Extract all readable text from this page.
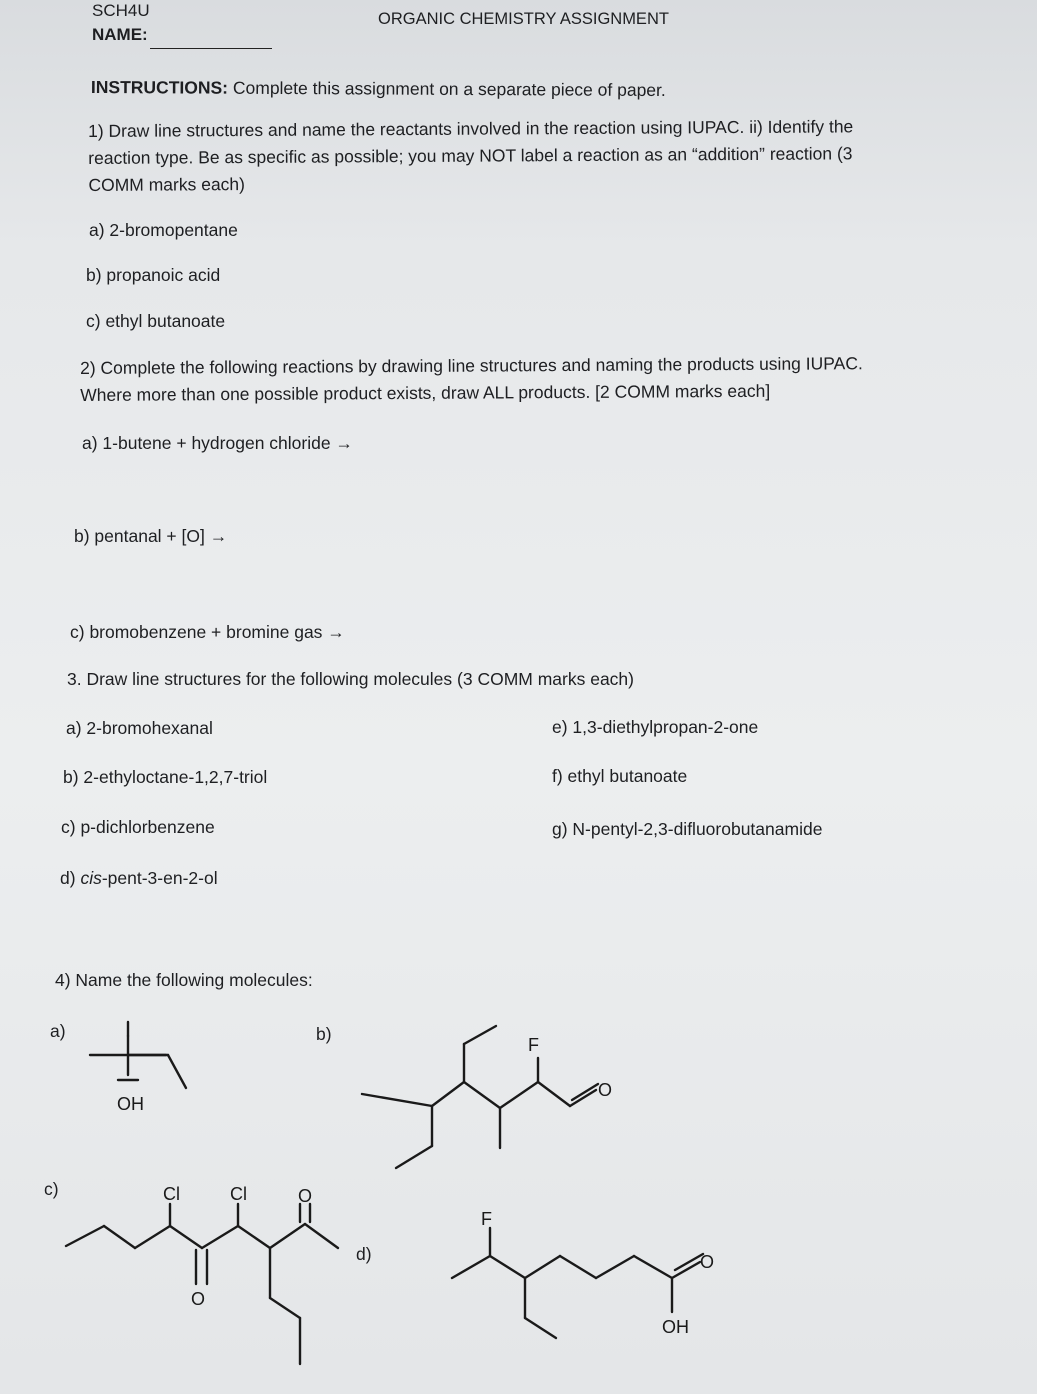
SCH4U
NAME:
ORGANIC CHEMISTRY ASSIGNMENT
INSTRUCTIONS: Complete this assignment on a separate piece of paper.
1) Draw line structures and name the reactants involved in the reaction using IUPAC. ii) Identify the
reaction type. Be as specific as possible; you may NOT label a reaction as an “addition” reaction (3
COMM marks each)
a) 2-bromopentane
b) propanoic acid
c) ethyl butanoate
2) Complete the following reactions by drawing line structures and naming the products using IUPAC.
Where more than one possible product exists, draw ALL products. [2 COMM marks each]
a) 1-butene + hydrogen chloride →
b) pentanal + [O] →
c) bromobenzene + bromine gas →
3. Draw line structures for the following molecules (3 COMM marks each)
a) 2-bromohexanal
b) 2-ethyloctane-1,2,7-triol
c) p-dichlorbenzene
d) cis-pent-3-en-2-ol
e) 1,3-diethylpropan-2-one
f) ethyl butanoate
g) N-pentyl-2,3-difluorobutanamide
4) Name the following molecules:
a)	b)
c)
d)
OH
F
O
Cl	Cl	O
O
F
O
OH
